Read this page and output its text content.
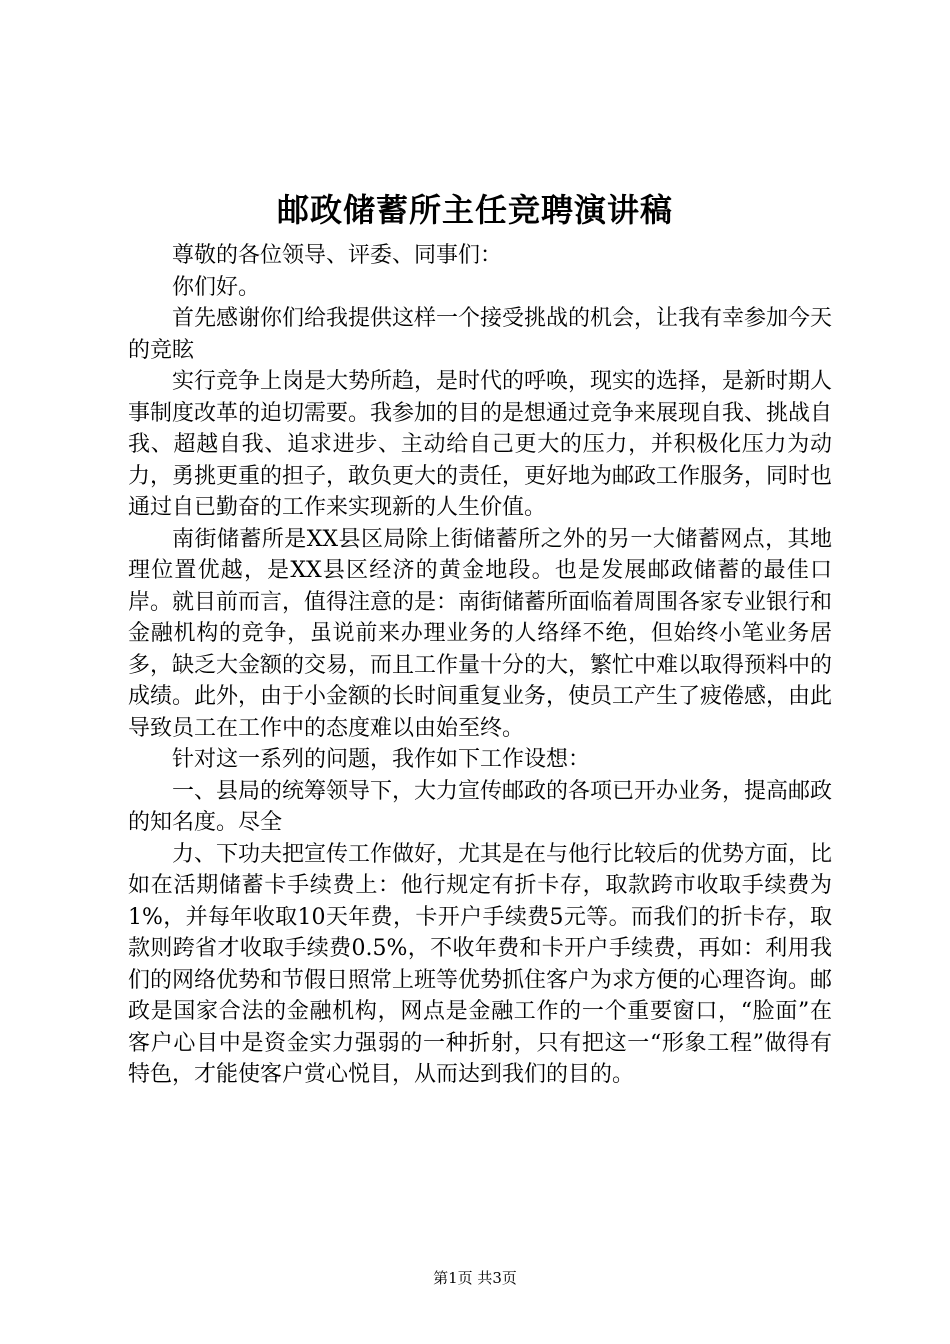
邮政储蓄所主任竞聘演讲稿

尊敬的各位领导、评委、同事们：

你们好。

首先感谢你们给我提供这样一个接受挑战的机会，让我有幸参加今天的竞眩

实行竞争上岗是大势所趋，是时代的呼唤，现实的选择，是新时期人事制度改革的迫切需要。我参加的目的是想通过竞争来展现自我、挑战自我、超越自我、追求进步、主动给自己更大的压力，并积极化压力为动力，勇挑更重的担子，敢负更大的责任，更好地为邮政工作服务，同时也通过自已勤奋的工作来实现新的人生价值。

南街储蓄所是XX县区局除上街储蓄所之外的另一大储蓄网点，其地理位置优越，是XX县区经济的黄金地段。也是发展邮政储蓄的最佳口岸。就目前而言，值得注意的是：南街储蓄所面临着周围各家专业银行和金融机构的竞争，虽说前来办理业务的人络绎不绝，但始终小笔业务居多，缺乏大金额的交易，而且工作量十分的大，繁忙中难以取得预料中的成绩。此外，由于小金额的长时间重复业务，使员工产生了疲倦感，由此导致员工在工作中的态度难以由始至终。

针对这一系列的问题，我作如下工作设想：

一、县局的统筹领导下，大力宣传邮政的各项已开办业务，提高邮政的知名度。尽全

力、下功夫把宣传工作做好，尤其是在与他行比较后的优势方面，比如在活期储蓄卡手续费上：他行规定有折卡存，取款跨市收取手续费为1%，并每年收取10天年费，卡开户手续费5元等。而我们的折卡存，取款则跨省才收取手续费0.5%，不收年费和卡开户手续费，再如：利用我们的网络优势和节假日照常上班等优势抓住客户为求方便的心理咨询。邮政是国家合法的金融机构，网点是金融工作的一个重要窗口，“脸面”在客户心目中是资金实力强弱的一种折射，只有把这一“形象工程”做得有特色，才能使客户赏心悦目，从而达到我们的目的。

第1页 共3页
